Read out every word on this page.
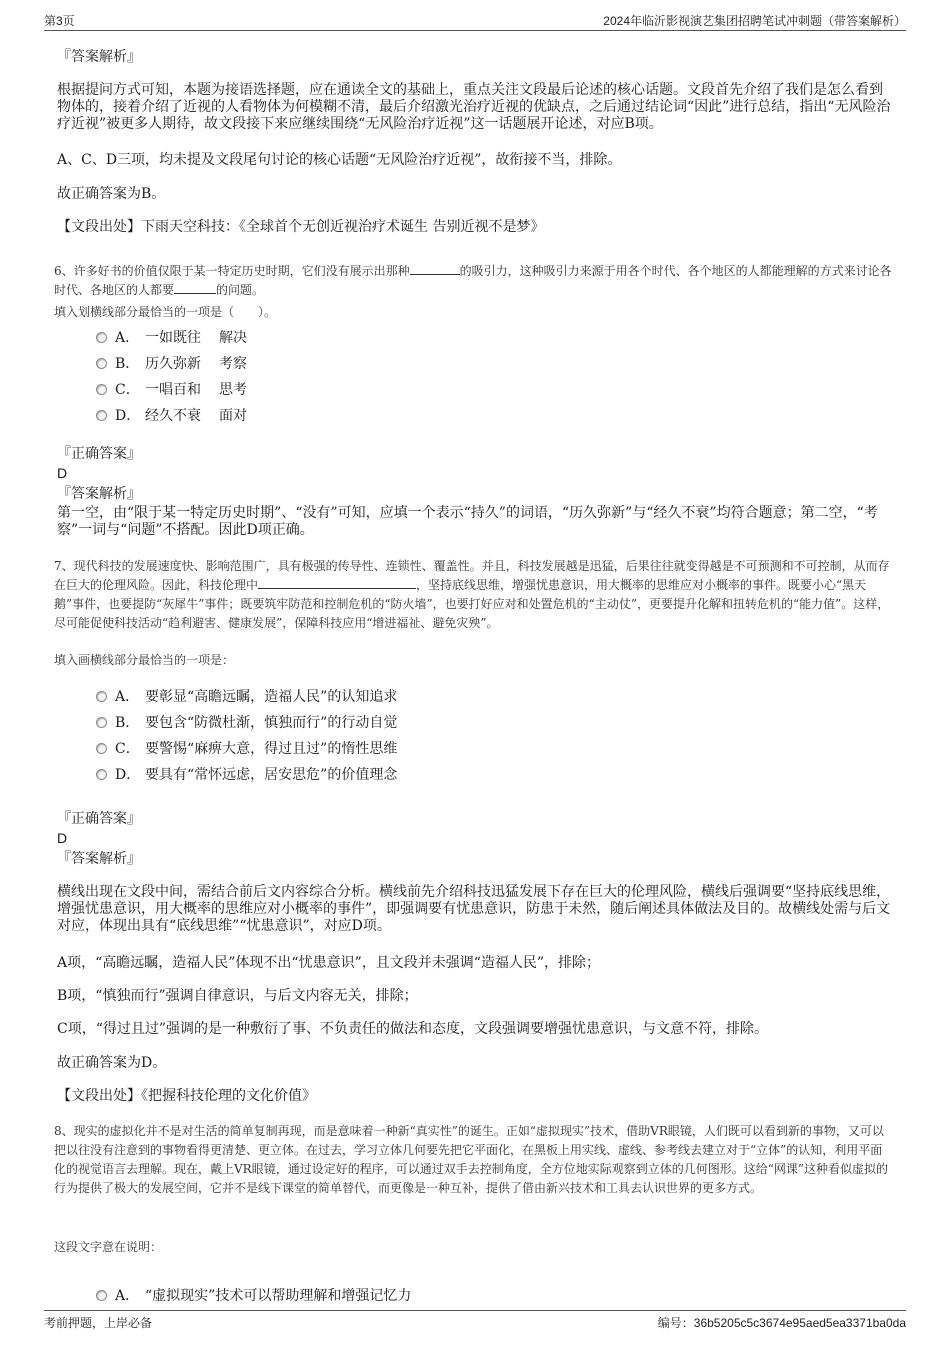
第3页	2024年临沂影视演艺集团招聘笔试冲刺题（带答案解析）
『答案解析』

根据提问方式可知，本题为接语选择题，应在通读全文的基础上，重点关注文段最后论述的核心话题。文段首先介绍了我们是怎么看到物体的，接着介绍了近视的人看物体为何模糊不清，最后介绍激光治疗近视的优缺点，之后通过结论词“因此”进行总结，指出“无风险治疗近视”被更多人期待，故文段接下来应继续围绕“无风险治疗近视”这一话题展开论述，对应B项。

A、C、D三项，均未提及文段尾句讨论的核心话题“无风险治疗近视”，故衔接不当，排除。

故正确答案为B。

【文段出处】下雨天空科技：《全球首个无创近视治疗术诞生 告别近视不是梦》

6、许多好书的价值仅限于某一特定历史时期，它们没有展示出那种	的吸引力，这种吸引力来源于用各个时代、各个地区的人都能理解的方式来讨论各时代、各地区的人都要	的问题。

填入划横线部分最恰当的一项是（　　）。
A． 一如既往 解决
B． 历久弥新 考察
C． 一唱百和 思考
D． 经久不衰 面对
『正确答案』
D
『答案解析』

第一空，由“限于某一特定历史时期”、“没有”可知，应填一个表示“持久”的词语，“历久弥新”与“经久不衰”均符合题意；第二空，“考察”一词与“问题”不搭配。因此D项正确。

7、现代科技的发展速度快、影响范围广，具有极强的传导性、连锁性、覆盖性。并且，科技发展越是迅猛，后果往往就变得越是不可预测和不可控制，从而存在巨大的伦理风险。因此，科技伦理中	，坚持底线思维，增强忧患意识，用大概率的思维应对小概率的事件。既要小心“黑天鹅”事件，也要提防“灰犀牛”事件；既要筑牢防范和控制危机的“防火墙”，也要打好应对和处置危机的“主动仗”，更要提升化解和扭转危机的“能力值”。这样，尽可能促使科技活动“趋利避害、健康发展”，保障科技应用“增进福祉、避免灾殃”。

填入画横线部分最恰当的一项是：
A． 要彰显“高瞻远瞩，造福人民”的认知追求
B． 要包含“防微杜渐，慎独而行”的行动自觉
C． 要警惕“麻痹大意，得过且过”的惰性思维
D． 要具有“常怀远虑，居安思危”的价值理念
『正确答案』
D
『答案解析』

横线出现在文段中间，需结合前后文内容综合分析。横线前先介绍科技迅猛发展下存在巨大的伦理风险，横线后强调要“坚持底线思维，增强忧患意识，用大概率的思维应对小概率的事件”，即强调要有忧患意识，防患于未然，随后阐述具体做法及目的。故横线处需与后文对应，体现出具有“底线思维”“忧患意识”，对应D项。

A项，“高瞻远瞩，造福人民”体现不出“忧患意识”，且文段并未强调“造福人民”，排除；

B项，“慎独而行”强调自律意识，与后文内容无关，排除；

C项，“得过且过”强调的是一种敷衍了事、不负责任的做法和态度，文段强调要增强忧患意识，与文意不符，排除。

故正确答案为D。

【文段出处】《把握科技伦理的文化价值》

8、现实的虚拟化并不是对生活的简单复制再现，而是意味着一种新“真实性”的诞生。正如“虚拟现实”技术，借助VR眼镜，人们既可以看到新的事物，又可以把以往没有注意到的事物看得更清楚、更立体。在过去，学习立体几何要先把它平面化，在黑板上用实线、虚线、参考线去建立对于“立体”的认知，利用平面化的视觉语言去理解。现在，戴上VR眼镜，通过设定好的程序，可以通过双手去控制角度，全方位地实际观察到立体的几何图形。这给“网课”这种看似虚拟的行为提供了极大的发展空间，它并不是线下课堂的简单替代，而更像是一种互补，提供了借由新兴技术和工具去认识世界的更多方式。

这段文字意在说明：
A． “虚拟现实”技术可以帮助理解和增强记忆力
考前押题，上岸必备	编号：36b5205c5c3674e95aed5ea3371ba0da
